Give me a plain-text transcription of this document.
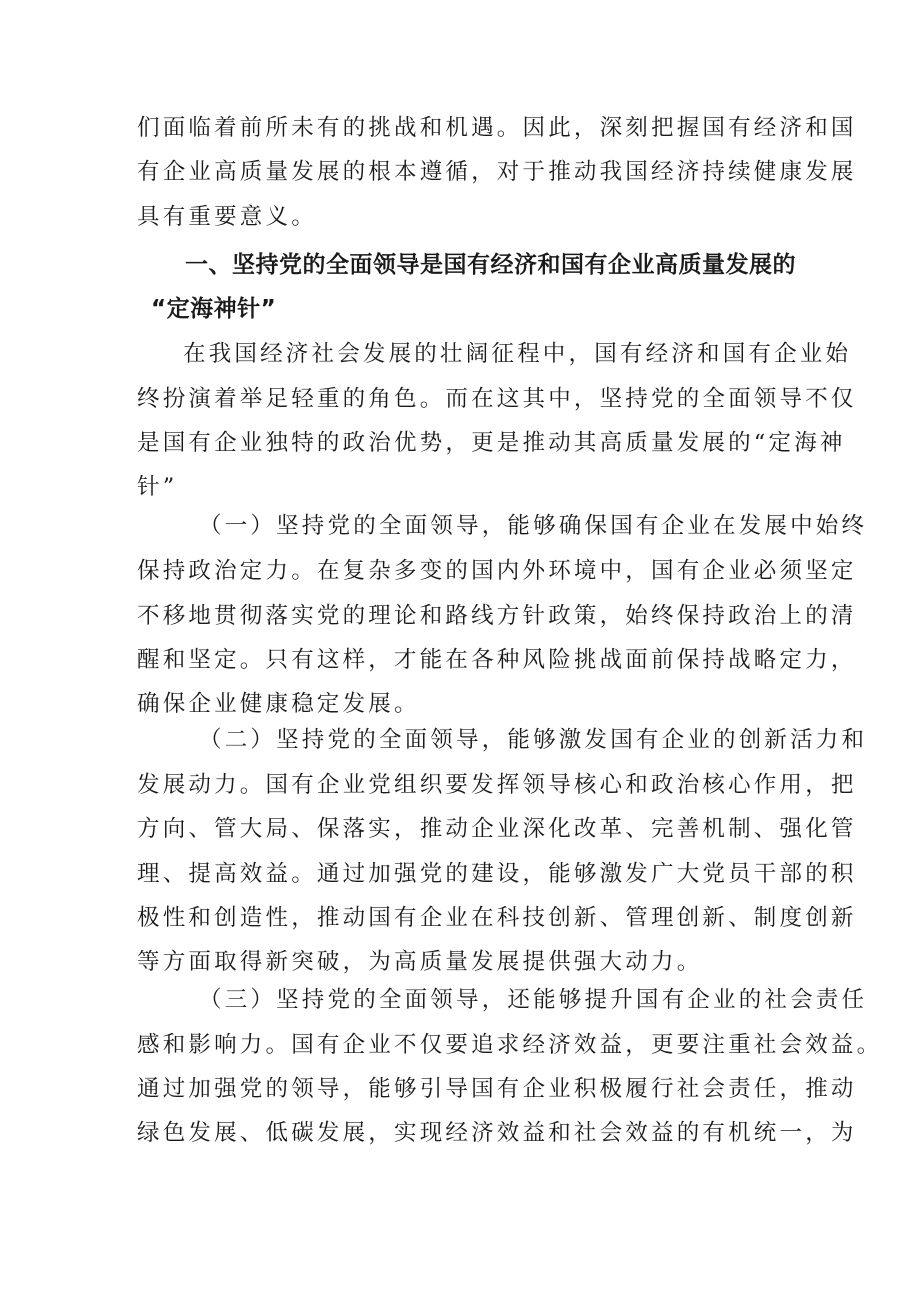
们面临着前所未有的挑战和机遇。因此，深刻把握国有经济和国
有企业高质量发展的根本遵循，对于推动我国经济持续健康发展
具有重要意义。
一、坚持党的全面领导是国有经济和国有企业高质量发展的
“定海神针”
在我国经济社会发展的壮阔征程中，国有经济和国有企业始
终扮演着举足轻重的角色。而在这其中，坚持党的全面领导不仅
是国有企业独特的政治优势，更是推动其高质量发展的“定海神
针”
（一）坚持党的全面领导，能够确保国有企业在发展中始终
保持政治定力。在复杂多变的国内外环境中，国有企业必须坚定
不移地贯彻落实党的理论和路线方针政策，始终保持政治上的清
醒和坚定。只有这样，才能在各种风险挑战面前保持战略定力，
确保企业健康稳定发展。
（二）坚持党的全面领导，能够激发国有企业的创新活力和
发展动力。国有企业党组织要发挥领导核心和政治核心作用，把
方向、管大局、保落实，推动企业深化改革、完善机制、强化管
理、提高效益。通过加强党的建设，能够激发广大党员干部的积
极性和创造性，推动国有企业在科技创新、管理创新、制度创新
等方面取得新突破，为高质量发展提供强大动力。
（三）坚持党的全面领导，还能够提升国有企业的社会责任
感和影响力。国有企业不仅要追求经济效益，更要注重社会效益。
通过加强党的领导，能够引导国有企业积极履行社会责任，推动
绿色发展、低碳发展，实现经济效益和社会效益的有机统一，为
